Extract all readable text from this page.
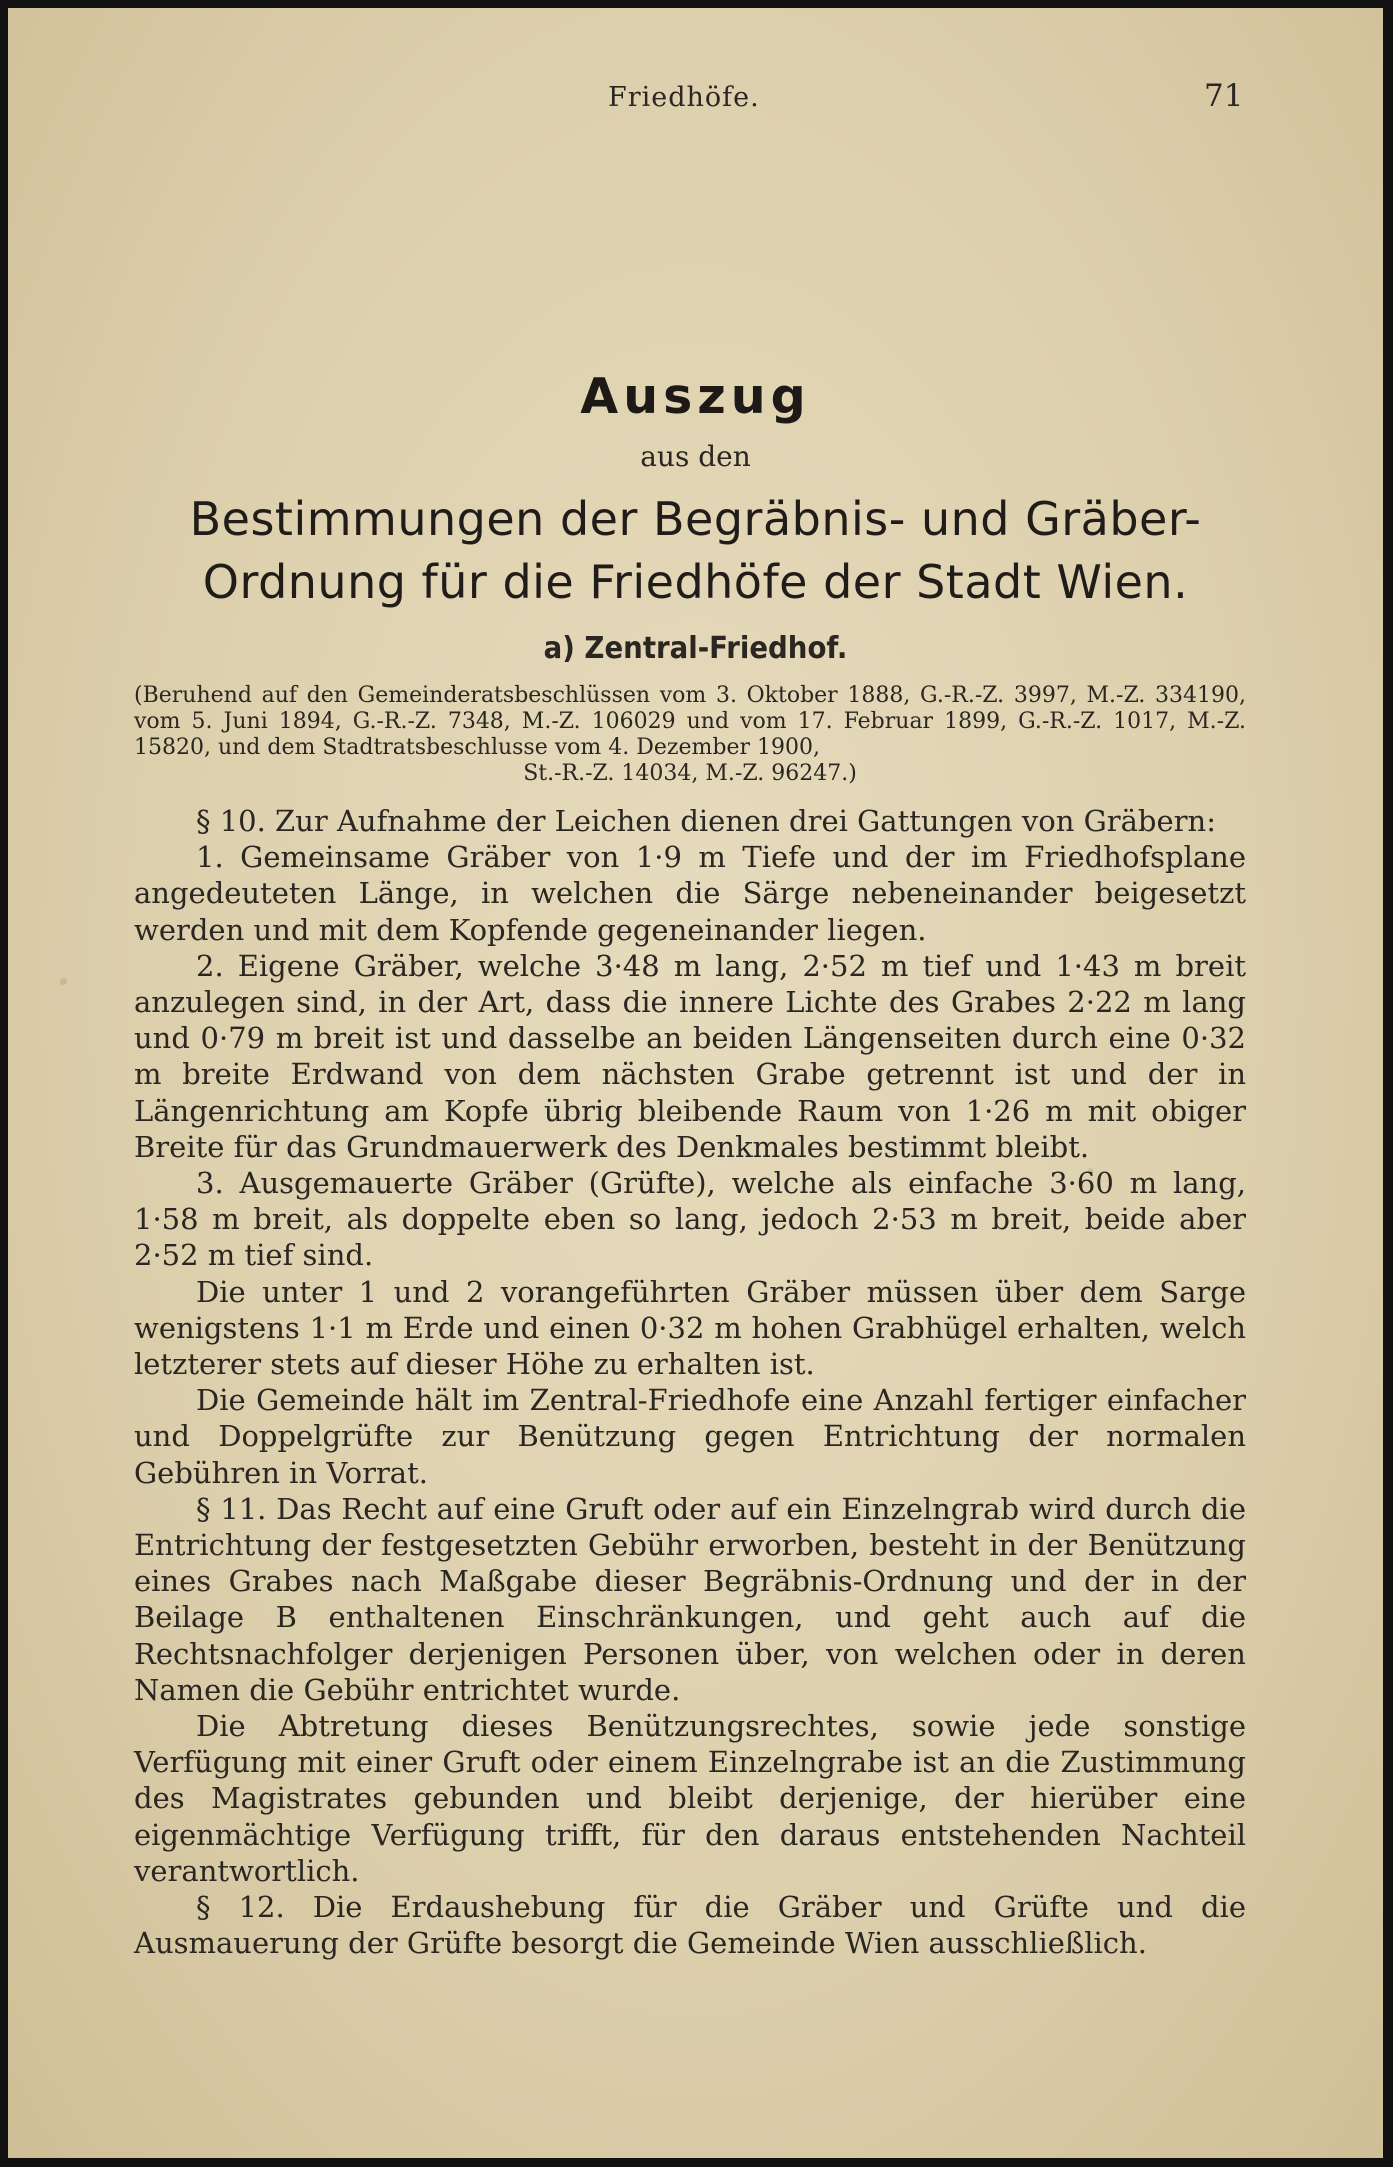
Friedhöfe.	71
Auszug
aus den
Bestimmungen der Begräbnis- und Gräber-
Ordnung für die Friedhöfe der Stadt Wien.
a) Zentral-Friedhof.
(Beruhend auf den Gemeinderatsbeschlüssen vom 3. Oktober 1888, G.-R.-Z. 3997, M.-Z. 334190, vom 5. Juni 1894, G.-R.-Z. 7348, M.-Z. 106029 und vom 17. Februar 1899, G.-R.-Z. 1017, M.-Z. 15820, und dem Stadtratsbeschlusse vom 4. Dezember 1900,
St.-R.-Z. 14034, M.-Z. 96247.)

§ 10. Zur Aufnahme der Leichen dienen drei Gattungen von Gräbern:

1. Gemeinsame Gräber von 1·9 m Tiefe und der im Friedhofsplane angedeuteten Länge, in welchen die Särge nebeneinander beigesetzt werden und mit dem Kopfende gegeneinander liegen.

2. Eigene Gräber, welche 3·48 m lang, 2·52 m tief und 1·43 m breit anzulegen sind, in der Art, dass die innere Lichte des Grabes 2·22 m lang und 0·79 m breit ist und dasselbe an beiden Längenseiten durch eine 0·32 m breite Erdwand von dem nächsten Grabe getrennt ist und der in Längenrichtung am Kopfe übrig bleibende Raum von 1·26 m mit obiger Breite für das Grundmauerwerk des Denkmales bestimmt bleibt.

3. Ausgemauerte Gräber (Grüfte), welche als einfache 3·60 m lang, 1·58 m breit, als doppelte eben so lang, jedoch 2·53 m breit, beide aber 2·52 m tief sind.

Die unter 1 und 2 vorangeführten Gräber müssen über dem Sarge wenigstens 1·1 m Erde und einen 0·32 m hohen Grabhügel erhalten, welch letzterer stets auf dieser Höhe zu erhalten ist.

Die Gemeinde hält im Zentral-Friedhofe eine Anzahl fertiger einfacher und Doppelgrüfte zur Benützung gegen Entrichtung der normalen Gebühren in Vorrat.

§ 11. Das Recht auf eine Gruft oder auf ein Einzelngrab wird durch die Entrichtung der festgesetzten Gebühr erworben, besteht in der Benützung eines Grabes nach Maßgabe dieser Begräbnis-Ordnung und der in der Beilage B enthaltenen Einschränkungen, und geht auch auf die Rechtsnachfolger derjenigen Personen über, von welchen oder in deren Namen die Gebühr entrichtet wurde.

Die Abtretung dieses Benützungsrechtes, sowie jede sonstige Verfügung mit einer Gruft oder einem Einzelngrabe ist an die Zustimmung des Magistrates gebunden und bleibt derjenige, der hierüber eine eigenmächtige Verfügung trifft, für den daraus entstehenden Nachteil verantwortlich.

§ 12. Die Erdaushebung für die Gräber und Grüfte und die Ausmauerung der Grüfte besorgt die Gemeinde Wien ausschließlich.
